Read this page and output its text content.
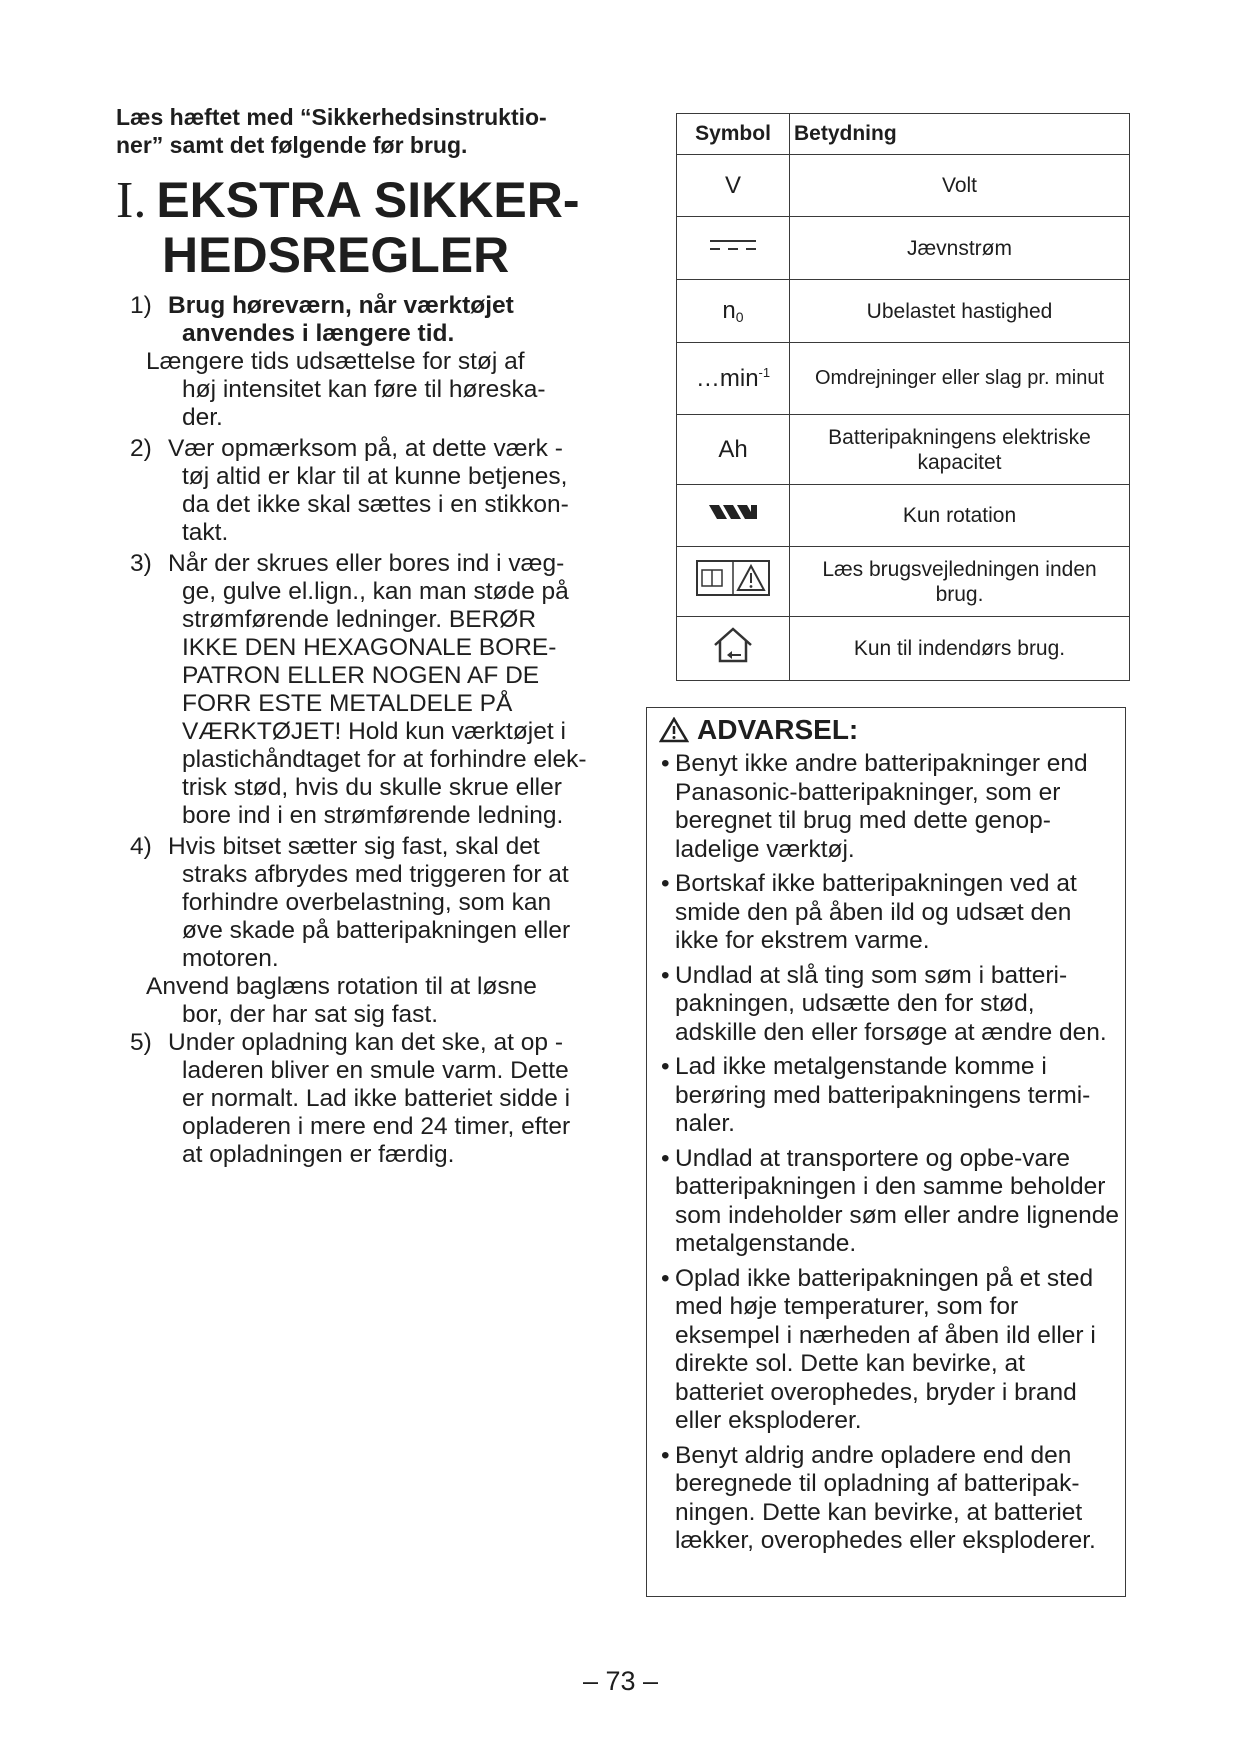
Læs hæftet med “Sikkerhedsinstruktio-
ner” samt det følgende før brug.

I. EKSTRA SIKKER-
HEDSREGLER
1) Brug høreværn, når værktøjet
anvendes i længere tid.
Længere tids udsættelse for støj af
høj intensitet kan føre til høreska-
der.
2) Vær opmærksom på, at dette værk -
tøj altid er klar til at kunne betjenes,
da det ikke skal sættes i en stikkon-
takt.
3) Når der skrues eller bores ind i væg-
ge, gulve el.lign., kan man støde på
strømførende ledninger. BERØR
IKKE DEN HEXAGONALE BORE-
PATRON ELLER NOGEN AF DE
FORR ESTE METALDELE PÅ
VÆRKTØJET! Hold kun værktøjet i
plastichåndtaget for at forhindre elek-
trisk stød, hvis du skulle skrue eller
bore ind i en strømførende ledning.
4) Hvis bitset sætter sig fast, skal det
straks afbrydes med triggeren for at
forhindre overbelastning, som kan
øve skade på batteripakningen eller
motoren.
Anvend baglæns rotation til at løsne
bor, der har sat sig fast.
5) Under opladning kan det ske, at op -
laderen bliver en smule varm. Dette
er normalt. Lad ikke batteriet sidde i
opladeren i mere end 24 timer, efter
at opladningen er færdig.
Symbol	Betydning
V	Volt
	Jævnstrøm
n0	Ubelastet hastighed
$\dots\min^{-1}$	Omdrejninger eller slag pr. minut
Ah	Batteripakningens elektriske kapacitet
	Kun rotation
	Læs brugsvejledningen inden brug.
	Kun til indendørs brug.
ADVARSEL:
• Benyt ikke andre batteripakninger end Panasonic-batteripakninger, som er beregnet til brug med dette genop-ladelige værktøj.
• Bortskaf ikke batteripakningen ved at smide den på åben ild og udsæt den ikke for ekstrem varme.
• Undlad at slå ting som søm i batteri-pakningen, udsætte den for stød, adskille den eller forsøge at ændre den.
• Lad ikke metalgenstande komme i berøring med batteripakningens termi-naler.
• Undlad at transportere og opbe-vare batteripakningen i den samme beholder som indeholder søm eller andre lignende metalgenstande.
• Oplad ikke batteripakningen på et sted med høje temperaturer, som for eksempel i nærheden af åben ild eller i direkte sol. Dette kan bevirke, at batteriet overophedes, bryder i brand eller eksploderer.
• Benyt aldrig andre opladere end den beregnede til opladning af batteripak-ningen. Dette kan bevirke, at batteriet lækker, overophedes eller eksploderer.
– 73 –
